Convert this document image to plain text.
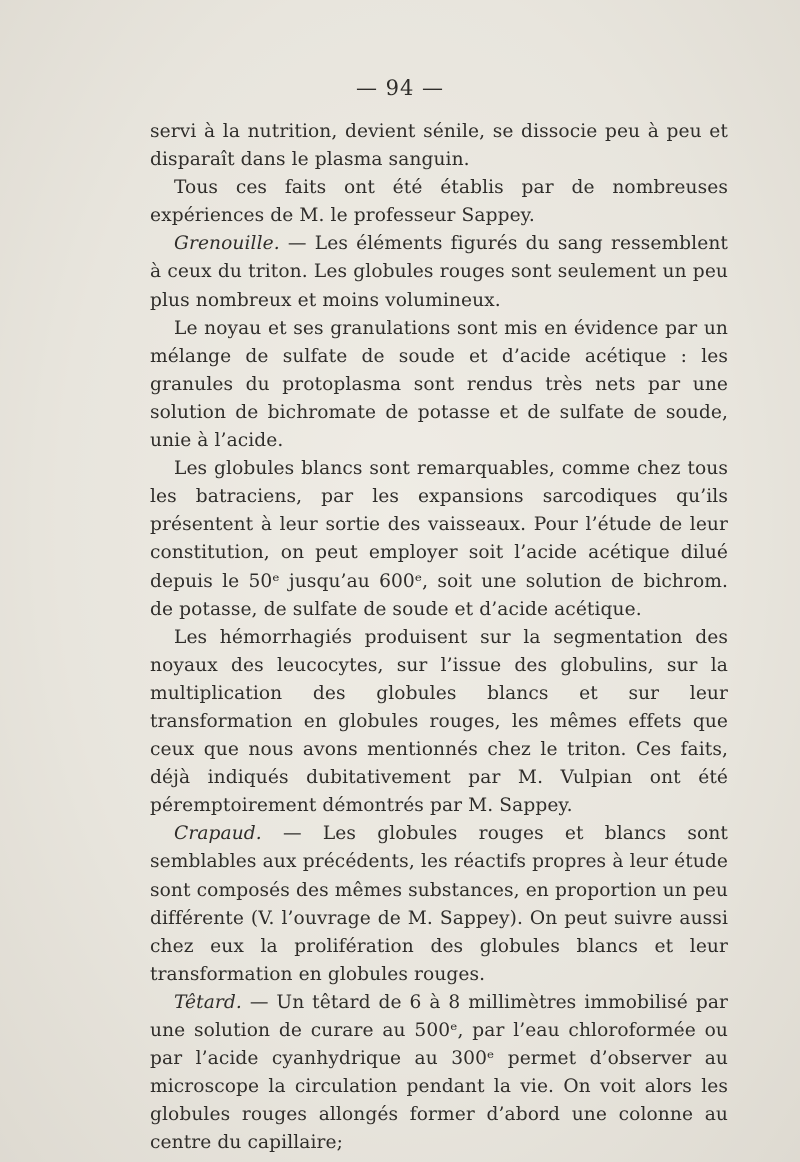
— 94 —

servi à la nutrition, devient sénile, se dissocie peu à peu et disparaît dans le plasma sanguin.

Tous ces faits ont été établis par de nombreuses expériences de M. le professeur Sappey.

Grenouille. — Les éléments figurés du sang ressemblent à ceux du triton. Les globules rouges sont seulement un peu plus nombreux et moins volumineux.

Le noyau et ses granulations sont mis en évidence par un mélange de sulfate de soude et d’acide acétique : les granules du protoplasma sont rendus très nets par une solution de bichromate de potasse et de sulfate de soude, unie à l’acide.

Les globules blancs sont remarquables, comme chez tous les batraciens, par les expansions sarcodiques qu’ils présentent à leur sortie des vaisseaux. Pour l’étude de leur constitution, on peut employer soit l’acide acétique dilué depuis le 50ᵉ jusqu’au 600ᵉ, soit une solution de bichrom. de potasse, de sulfate de soude et d’acide acétique.

Les hémorrhagiés produisent sur la segmentation des noyaux des leucocytes, sur l’issue des globulins, sur la multiplication des globules blancs et sur leur transformation en globules rouges, les mêmes effets que ceux que nous avons mentionnés chez le triton. Ces faits, déjà indiqués dubitativement par M. Vulpian ont été péremptoirement démontrés par M. Sappey.

Crapaud. — Les globules rouges et blancs sont semblables aux précédents, les réactifs propres à leur étude sont composés des mêmes substances, en proportion un peu différente (V. l’ouvrage de M. Sappey). On peut suivre aussi chez eux la prolifération des globules blancs et leur transformation en globules rouges.

Têtard. — Un têtard de 6 à 8 millimètres immobilisé par une solution de curare au 500ᵉ, par l’eau chloroformée ou par l’acide cyanhydrique au 300ᵉ permet d’observer au microscope la circulation pendant la vie. On voit alors les globules rouges allongés former d’abord une colonne au centre du capillaire;
